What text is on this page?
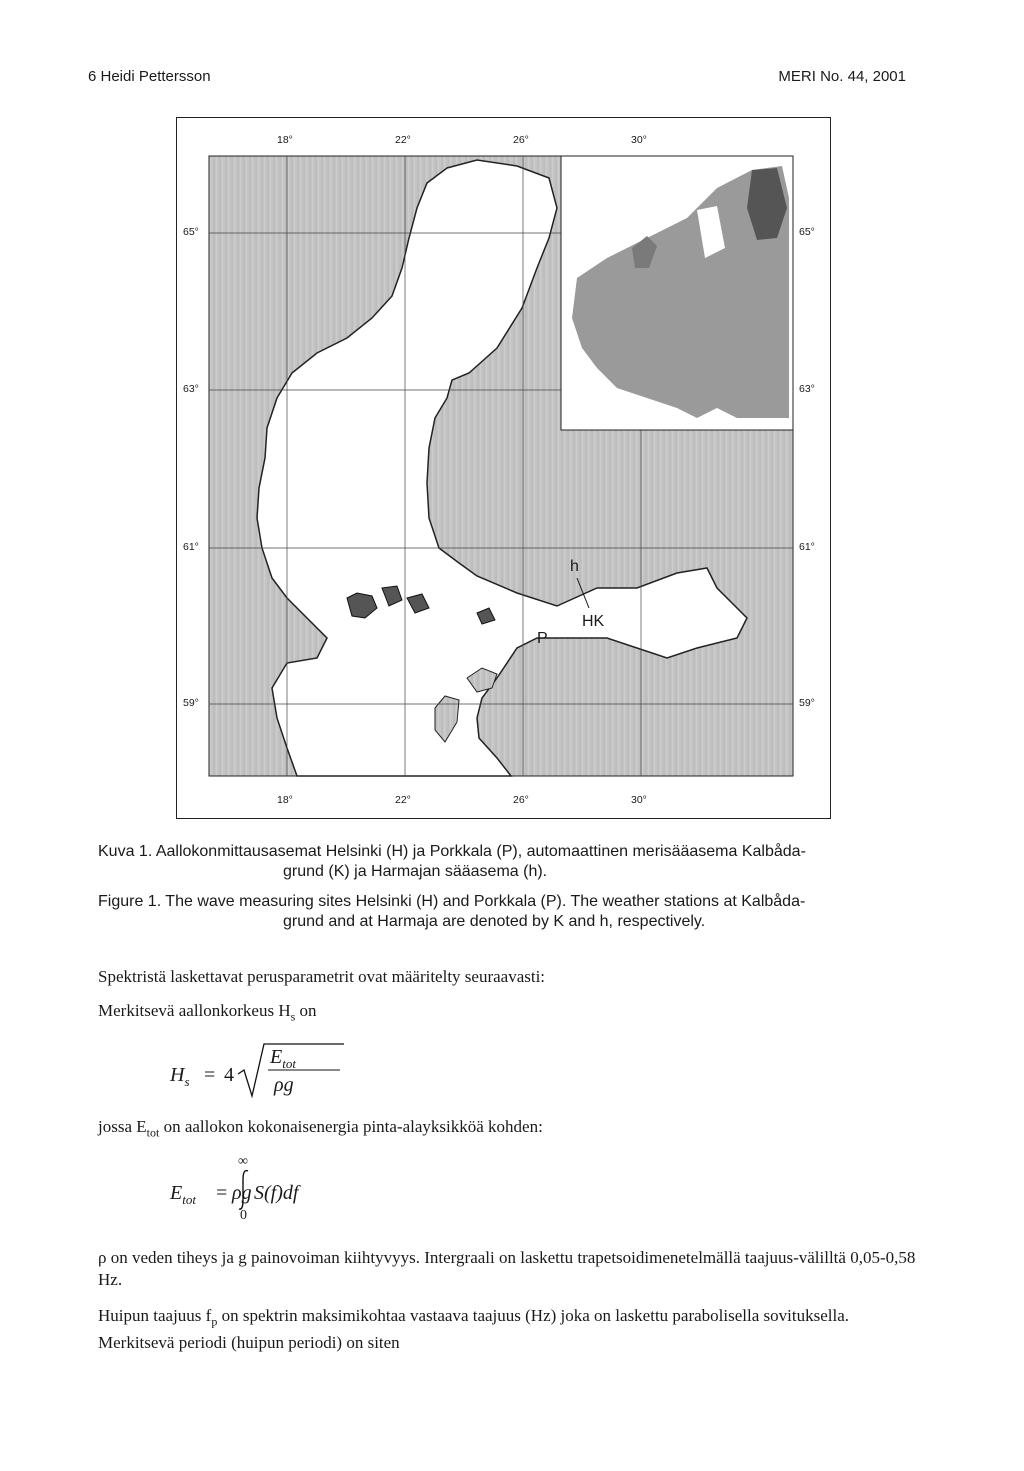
6 Heidi Pettersson	MERI No. 44, 2001
18°	22°	26°	30°
18°	22°	26°	30°
65°
63°
61°
59°
65°
63°
61°
59°
h
P
HK
Kuva 1. Aallokonmittausasemat Helsinki (H) ja Porkkala (P), automaattinen merisääasema Kalbåda-
grund (K) ja Harmajan sääasema (h).
Figure 1. The wave measuring sites Helsinki (H) and Porkkala (P). The weather stations at Kalbåda-
grund and at Harmaja are denoted by K and h, respectively.
Spektristä laskettavat perusparametrit ovat määritelty seuraavasti:
Merkitsevä aallonkorkeus $H_s$ on
$H_s = 4$
$E_{tot}$
ρg
jossa $E_{tot}$ on aallokon kokonaisenergia pinta-alayksikköä kohden:
$E_{tot} = \rho g$
∞
0
S(f)df
ρ on veden tiheys ja g painovoiman kiihtyvyys. Intergraali on laskettu trapetsoidimenetelmällä taajuus-välilltä 0,05-0,58 Hz.
Huipun taajuus $f_p$ on spektrin maksimikohtaa vastaava taajuus (Hz) joka on laskettu parabolisella sovituksella. Merkitsevä periodi (huipun periodi) on siten
